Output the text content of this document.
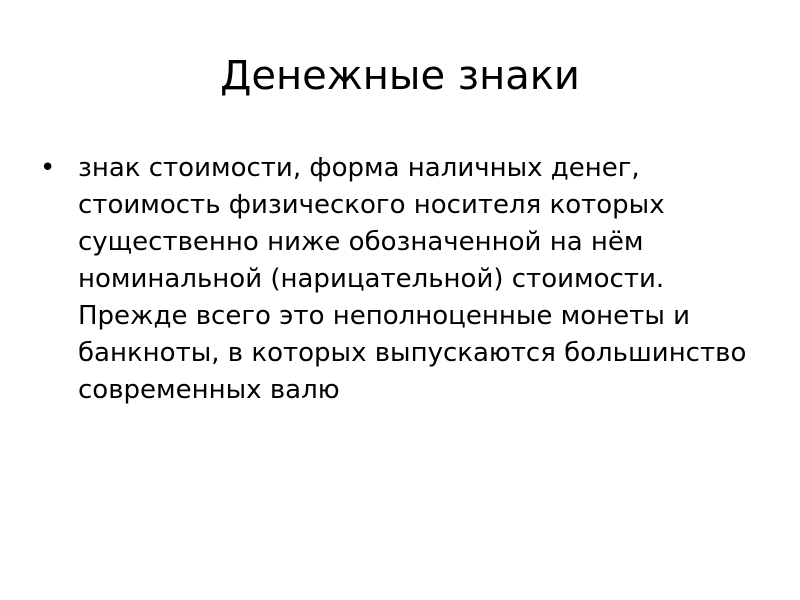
Денежные знаки
• знак стоимости, форма наличных денег, стоимость физического носителя которых существенно ниже обозначенной на нём номинальной (нарицательной) стоимости. Прежде всего это неполноценные монеты и банкноты, в которых выпускаются большинство современных валю
